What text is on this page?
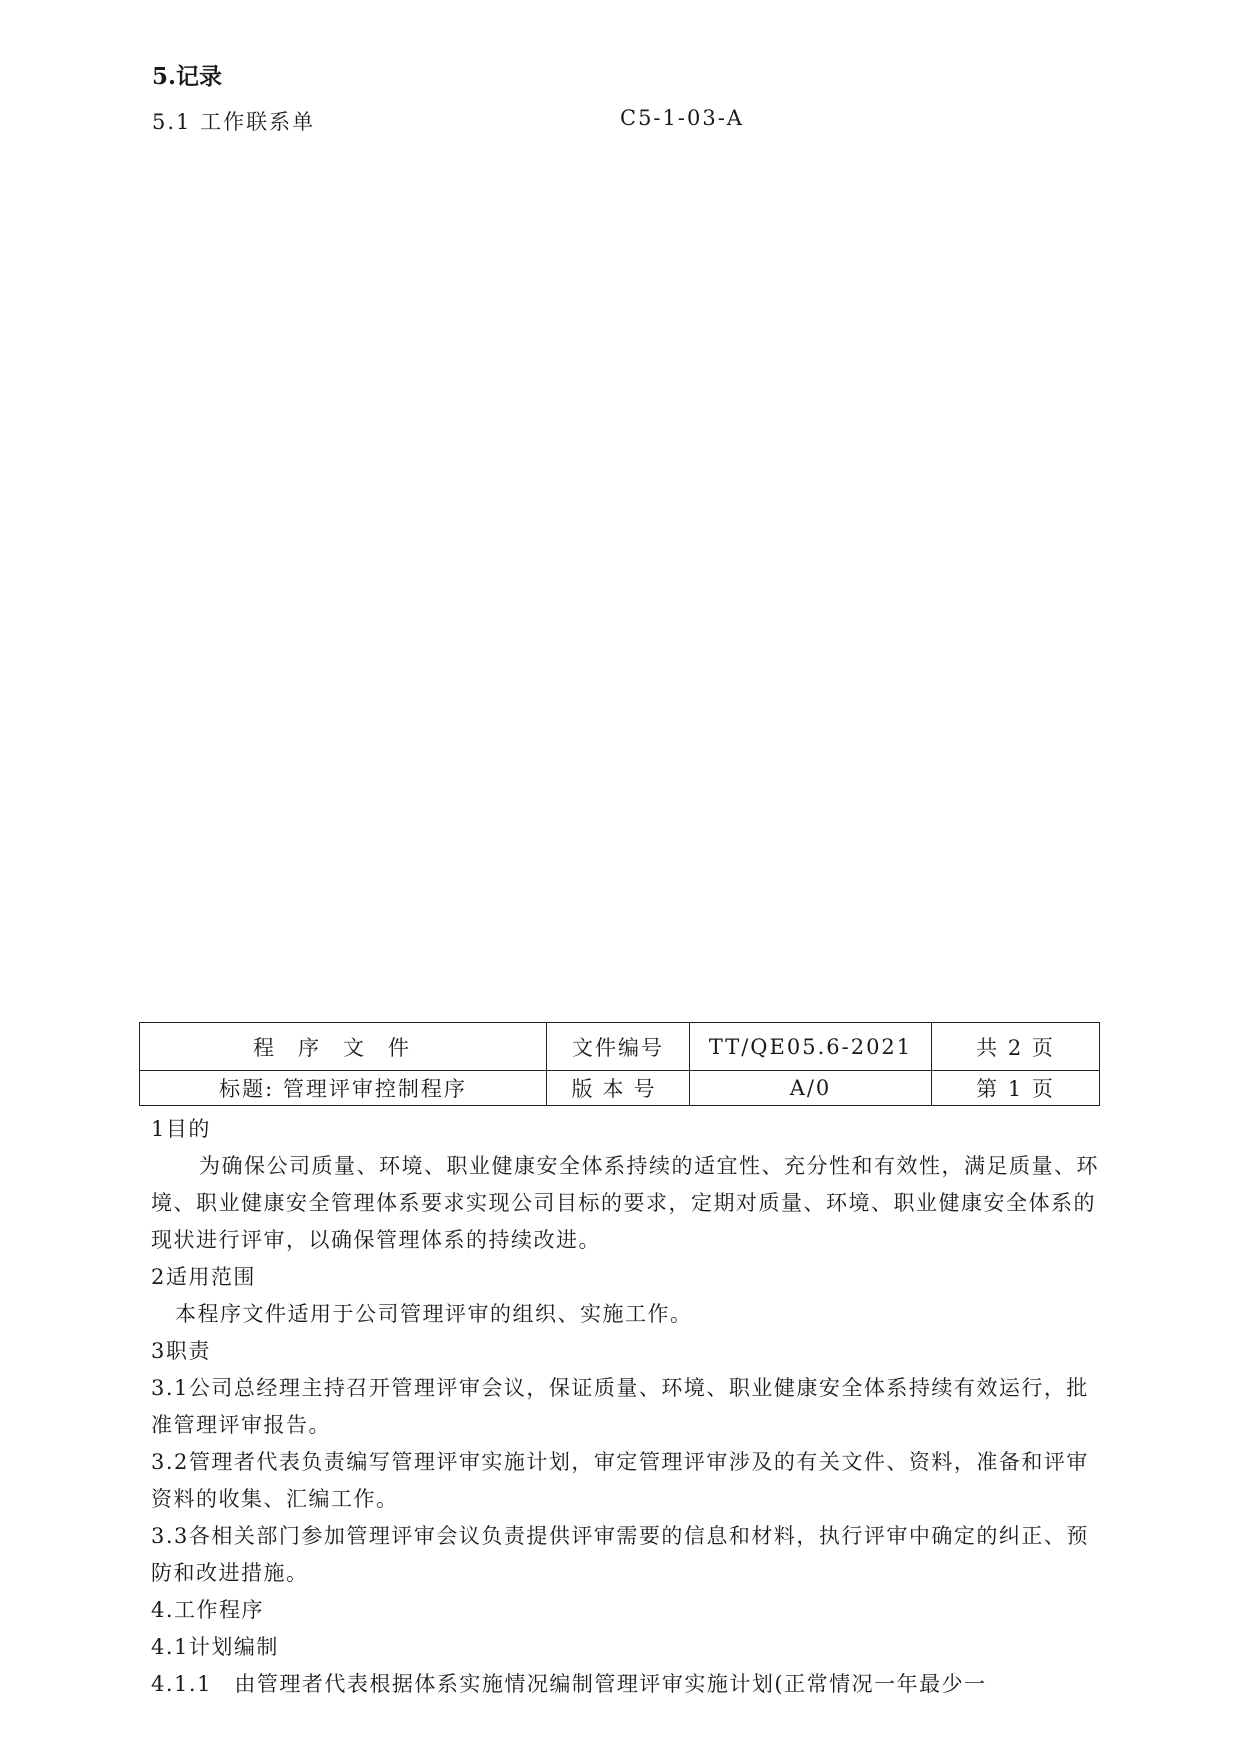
5.记录
5.1 工作联系单	C5-1-03-A
程序文件	文件编号	TT/QE05.6-2021	共 2 页
标题: 管理评审控制程序	版本号	A/0	第 1 页

1目的

为确保公司质量、环境、职业健康安全体系持续的适宜性、充分性和有效性，满足质量、环境、职业健康安全管理体系要求实现公司目标的要求，定期对质量、环境、职业健康安全体系的现状进行评审，以确保管理体系的持续改进。

2适用范围

本程序文件适用于公司管理评审的组织、实施工作。

3职责

3.1公司总经理主持召开管理评审会议，保证质量、环境、职业健康安全体系持续有效运行，批准管理评审报告。

3.2管理者代表负责编写管理评审实施计划，审定管理评审涉及的有关文件、资料，准备和评审资料的收集、汇编工作。

3.3各相关部门参加管理评审会议负责提供评审需要的信息和材料，执行评审中确定的纠正、预防和改进措施。

4.工作程序

4.1计划编制

4.1.1　由管理者代表根据体系实施情况编制管理评审实施计划(正常情况一年最少一
